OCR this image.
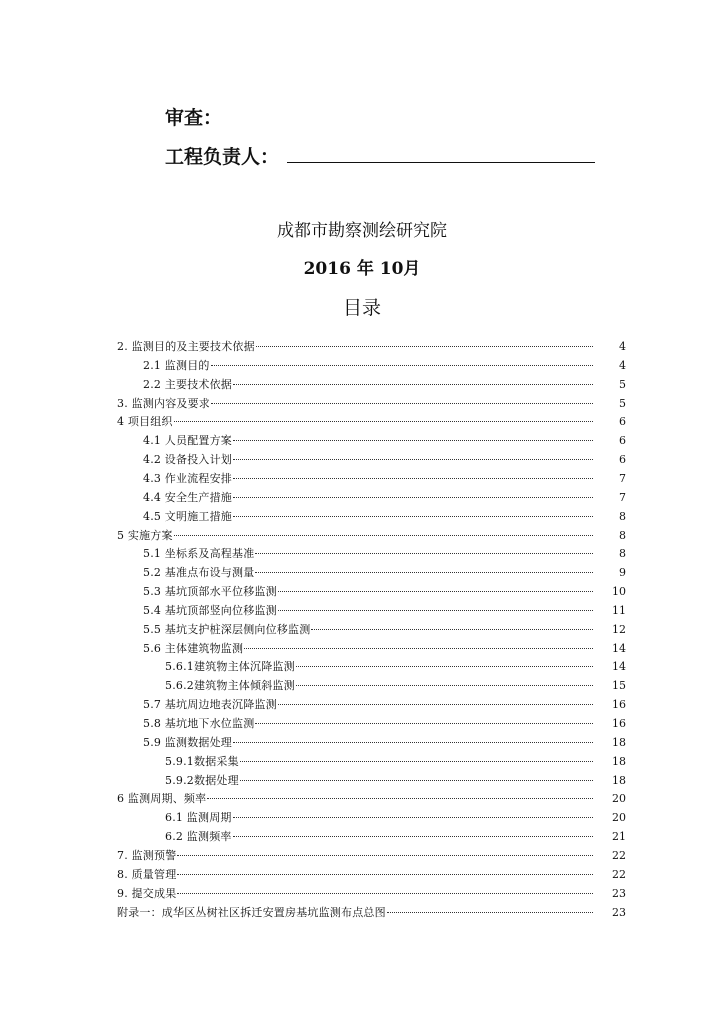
审查：
工程负责人：
成都市勘察测绘研究院
2016 年 10月
目录
2. 监测目的及主要技术依据	4
2.1 监测目的	4
2.2 主要技术依据	5
3. 监测内容及要求	5
4 项目组织	6
4.1 人员配置方案	6
4.2 设备投入计划	6
4.3 作业流程安排	7
4.4 安全生产措施	7
4.5 文明施工措施	8
5 实施方案	8
5.1 坐标系及高程基准	8
5.2 基准点布设与测量	9
5.3 基坑顶部水平位移监测	10
5.4 基坑顶部竖向位移监测	11
5.5 基坑支护桩深层侧向位移监测	12
5.6 主体建筑物监测	14
5.6.1建筑物主体沉降监测	14
5.6.2建筑物主体倾斜监测	15
5.7 基坑周边地表沉降监测	16
5.8 基坑地下水位监测	16
5.9 监测数据处理	18
5.9.1数据采集	18
5.9.2数据处理	18
6 监测周期、频率	20
6.1 监测周期	20
6.2 监测频率	21
7. 监测预警	22
8. 质量管理	22
9. 提交成果	23
附录一：成华区丛树社区拆迁安置房基坑监测布点总图	23
